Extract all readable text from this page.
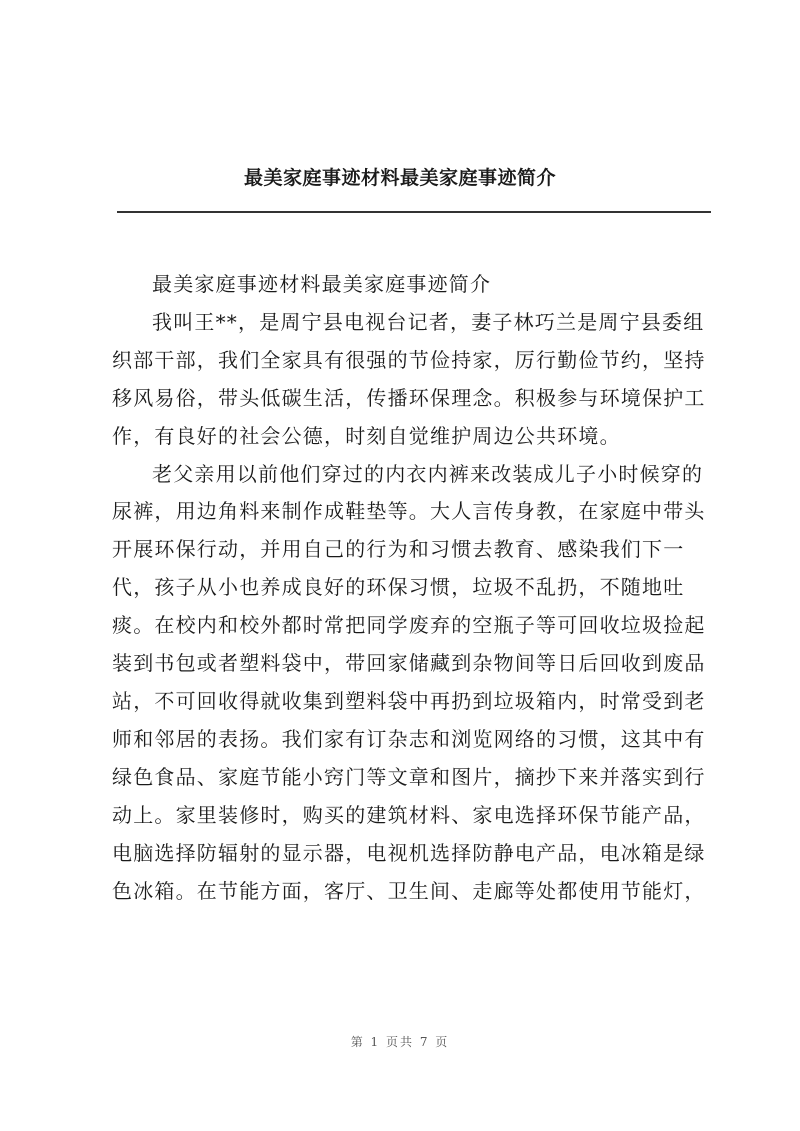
最美家庭事迹材料最美家庭事迹简介

最美家庭事迹材料最美家庭事迹简介

我叫王**，是周宁县电视台记者，妻子林巧兰是周宁县委组织部干部，我们全家具有很强的节俭持家，厉行勤俭节约，坚持移风易俗，带头低碳生活，传播环保理念。积极参与环境保护工作，有良好的社会公德，时刻自觉维护周边公共环境。

老父亲用以前他们穿过的内衣内裤来改装成儿子小时候穿的尿裤，用边角料来制作成鞋垫等。大人言传身教，在家庭中带头开展环保行动，并用自己的行为和习惯去教育、感染我们下一代，孩子从小也养成良好的环保习惯，垃圾不乱扔，不随地吐痰。在校内和校外都时常把同学废弃的空瓶子等可回收垃圾捡起装到书包或者塑料袋中，带回家储藏到杂物间等日后回收到废品站，不可回收得就收集到塑料袋中再扔到垃圾箱内，时常受到老师和邻居的表扬。我们家有订杂志和浏览网络的习惯，这其中有绿色食品、家庭节能小窍门等文章和图片，摘抄下来并落实到行动上。家里装修时，购买的建筑材料、家电选择环保节能产品，电脑选择防辐射的显示器，电视机选择防静电产品，电冰箱是绿色冰箱。在节能方面，客厅、卫生间、走廊等处都使用节能灯，

第 1 页共 7 页
